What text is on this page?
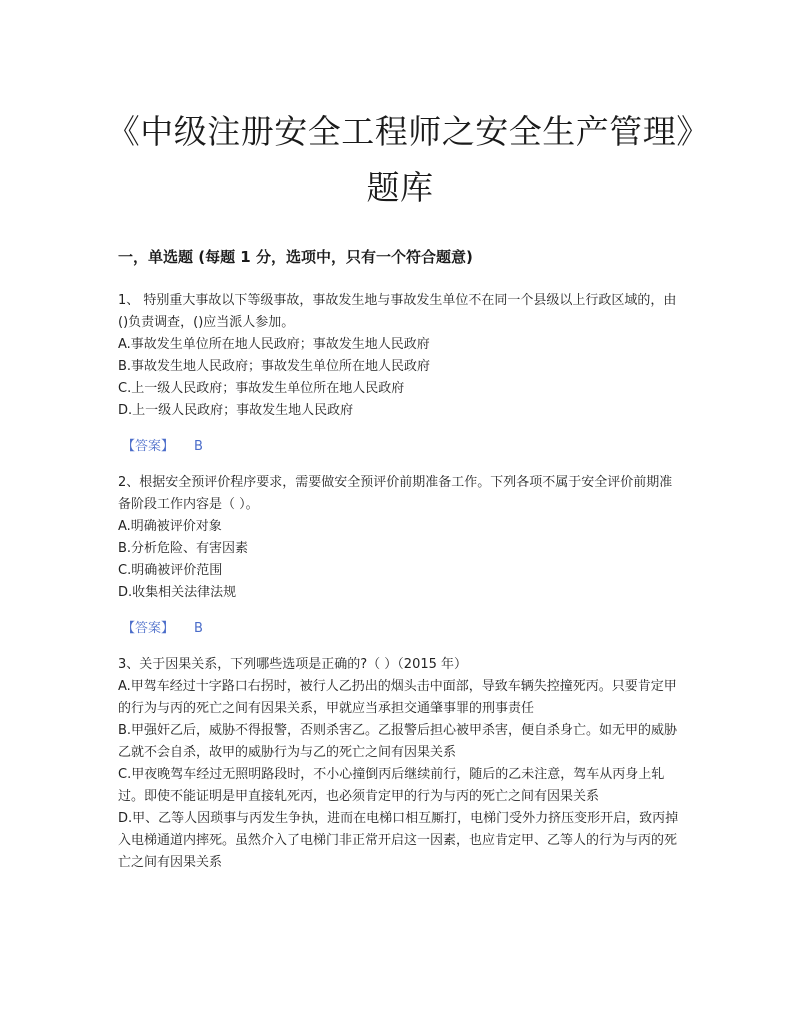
《中级注册安全工程师之安全生产管理》题库
一，单选题 (每题 1 分，选项中，只有一个符合题意)

1、 特别重大事故以下等级事故，事故发生地与事故发生单位不在同一个县级以上行政区域的，由()负责调查，()应当派人参加。

A.事故发生单位所在地人民政府；事故发生地人民政府

B.事故发生地人民政府；事故发生单位所在地人民政府

C.上一级人民政府；事故发生单位所在地人民政府

D.上一级人民政府；事故发生地人民政府

【答案】 B

2、根据安全预评价程序要求，需要做安全预评价前期准备工作。下列各项不属于安全评价前期准备阶段工作内容是（ ）。

A.明确被评价对象

B.分析危险、有害因素

C.明确被评价范围

D.收集相关法律法规

【答案】 B

3、关于因果关系，下列哪些选项是正确的?（ ）（2015 年）

A.甲驾车经过十字路口右拐时，被行人乙扔出的烟头击中面部，导致车辆失控撞死丙。只要肯定甲的行为与丙的死亡之间有因果关系，甲就应当承担交通肇事罪的刑事责任

B.甲强奸乙后，威胁不得报警，否则杀害乙。乙报警后担心被甲杀害，便自杀身亡。如无甲的威胁乙就不会自杀，故甲的威胁行为与乙的死亡之间有因果关系

C.甲夜晚驾车经过无照明路段时，不小心撞倒丙后继续前行，随后的乙未注意，驾车从丙身上轧过。即使不能证明是甲直接轧死丙，也必须肯定甲的行为与丙的死亡之间有因果关系

D.甲、乙等人因琐事与丙发生争执，进而在电梯口相互厮打，电梯门受外力挤压变形开启，致丙掉入电梯通道内摔死。虽然介入了电梯门非正常开启这一因素，也应肯定甲、乙等人的行为与丙的死亡之间有因果关系
